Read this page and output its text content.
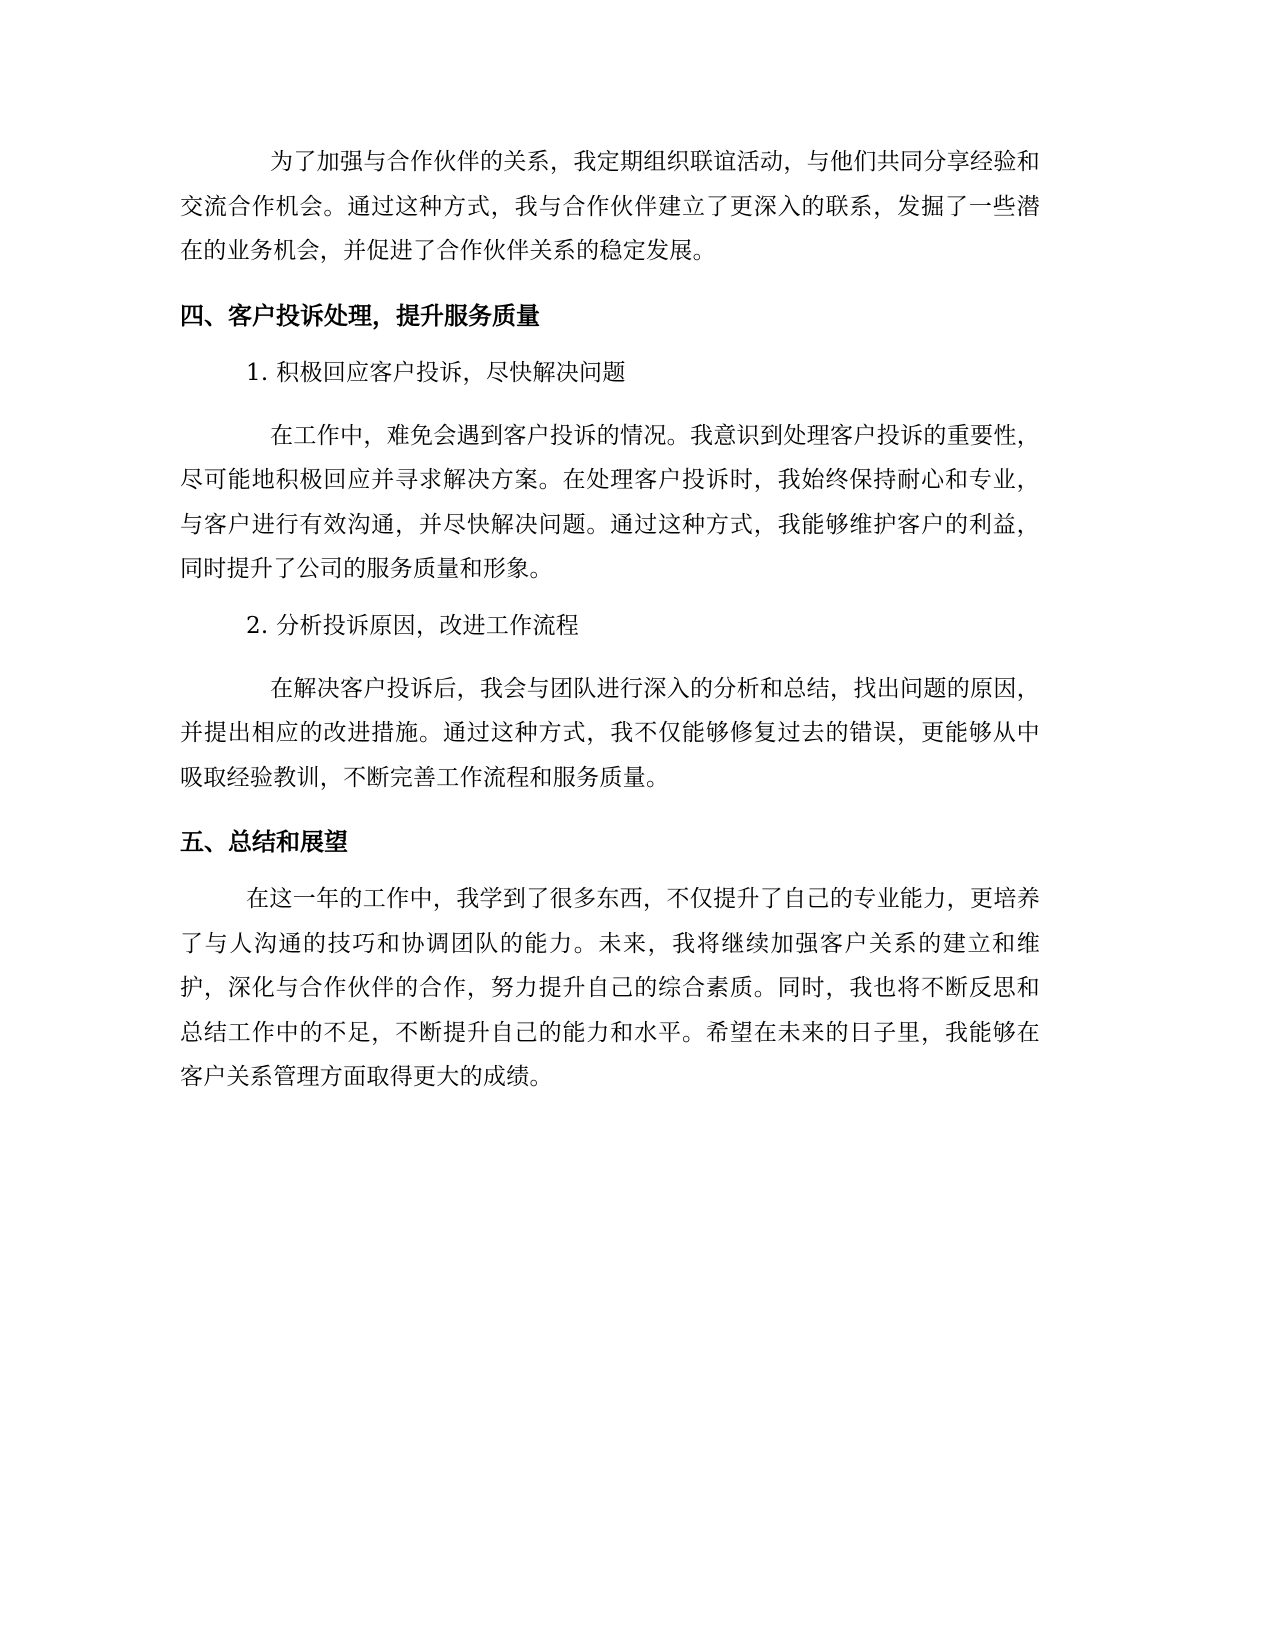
为了加强与合作伙伴的关系，我定期组织联谊活动，与他们共同分享经验和交流合作机会。通过这种方式，我与合作伙伴建立了更深入的联系，发掘了一些潜在的业务机会，并促进了合作伙伴关系的稳定发展。

四、客户投诉处理，提升服务质量

1. 积极回应客户投诉，尽快解决问题

在工作中，难免会遇到客户投诉的情况。我意识到处理客户投诉的重要性，尽可能地积极回应并寻求解决方案。在处理客户投诉时，我始终保持耐心和专业，与客户进行有效沟通，并尽快解决问题。通过这种方式，我能够维护客户的利益，同时提升了公司的服务质量和形象。

2. 分析投诉原因，改进工作流程

在解决客户投诉后，我会与团队进行深入的分析和总结，找出问题的原因，并提出相应的改进措施。通过这种方式，我不仅能够修复过去的错误，更能够从中吸取经验教训，不断完善工作流程和服务质量。

五、总结和展望

在这一年的工作中，我学到了很多东西，不仅提升了自己的专业能力，更培养了与人沟通的技巧和协调团队的能力。未来，我将继续加强客户关系的建立和维护，深化与合作伙伴的合作，努力提升自己的综合素质。同时，我也将不断反思和总结工作中的不足，不断提升自己的能力和水平。希望在未来的日子里，我能够在客户关系管理方面取得更大的成绩。
